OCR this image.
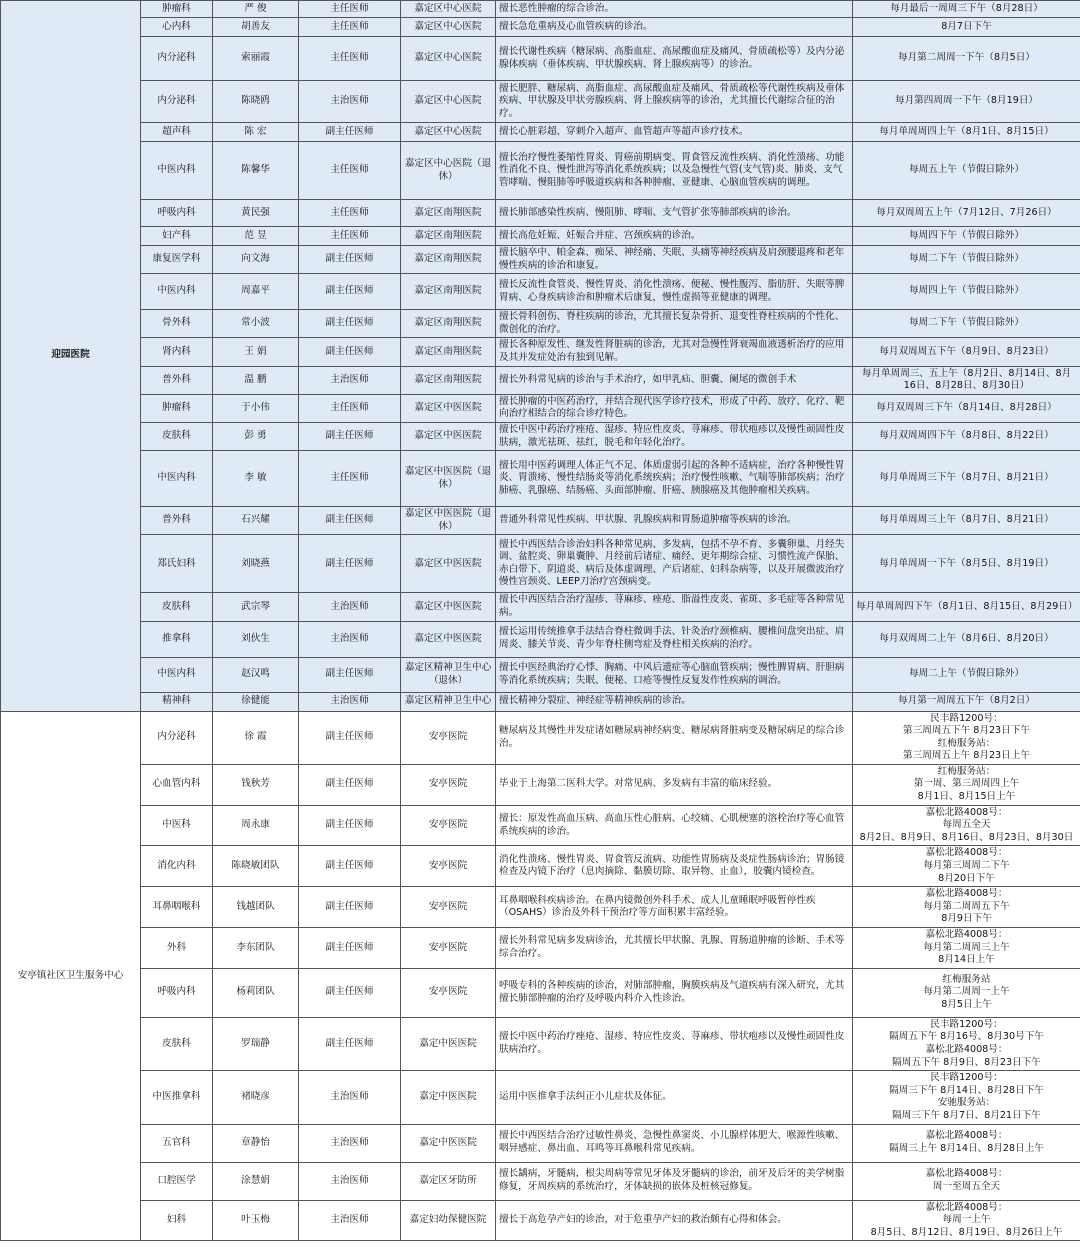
迎园医院	肿瘤科	严 俊	主任医师	嘉定区中心医院	擅长恶性肿瘤的综合诊治。	每月最后一周周三下午（8月28日）
	心内科	胡善友	主任医师	嘉定区中心医院	擅长急危重病及心血管疾病的诊治。	8月7日下午
	内分泌科	索丽霞	主任医师	嘉定区中心医院	擅长代谢性疾病（糖尿病、高脂血症、高尿酸血症及痛风、骨质疏松等）及内分泌腺体疾病（垂体疾病、甲状腺疾病、肾上腺疾病等）的诊治。	每月第二周周一下午（8月5日）
	内分泌科	陈晓鸥	主治医师	嘉定区中心医院	擅长肥胖、糖尿病、高脂血症、高尿酸血症及痛风、骨质疏松等代谢性疾病及垂体疾病、甲状腺及甲状旁腺疾病、肾上腺疾病等的诊治，尤其擅长代谢综合征的治疗。	每月第四周周一下午（8月19日）
	超声科	陈 宏	副主任医师	嘉定区中心医院	擅长心脏彩超、穿刺介入超声、血管超声等超声诊疗技术。	每月单周周四上午（8月1日、8月15日）
	中医内科	陈馨华	主任医师	嘉定区中心医院（退休）	擅长治疗慢性萎缩性胃炎、胃癌前期病变、胃食管反流性疾病、消化性溃疡、功能性消化不良、慢性泄泻等消化系统疾病；以及急慢性气管(支气管)炎、肺炎、支气管哮喘、慢阻肺等呼吸道疾病和各种肿瘤、亚健康、心脑血管疾病的调理。	每周五上午（节假日除外）
	呼吸内科	黄民强	主任医师	嘉定区南翔医院	擅长肺部感染性疾病、慢阻肺、哮喘、支气管扩张等肺部疾病的诊治。	每月双周周五上午（7月12日、7月26日）
	妇产科	范 昱	主任医师	嘉定区南翔医院	擅长高危妊娠、妊娠合并症、宫颈疾病的诊治。	每周四下午（节假日除外）
	康复医学科	向文海	副主任医师	嘉定区南翔医院	擅长脑卒中、帕金森、痴呆、神经痛、失眠、头痛等神经疾病及肩颈腰退疼和老年慢性疾病的诊治和康复。	每周二下午（节假日除外）
	中医内科	周嘉平	副主任医师	嘉定区南翔医院	擅长反流性食管炎、慢性胃炎、消化性溃疡、便秘、慢性腹泻、脂肪肝、失眠等脾胃病、心身疾病诊治和肿瘤术后康复，慢性虚损等亚健康的调理。	每周四上午（节假日除外）
	骨外科	常小波	副主任医师	嘉定区南翔医院	擅长骨科创伤、脊柱疾病的诊治，尤其擅长复杂骨折、退变性脊柱疾病的个性化、微创化的治疗。	每周二下午（节假日除外）
	肾内科	王 娟	副主任医师	嘉定区南翔医院	擅长各种原发性、继发性肾脏病的诊治，尤其对急慢性肾衰竭血液透析治疗的应用及其并发症处治有独到见解。	每月双周周五下午（8月9日、8月23日）
	普外科	温 鹏	主治医师	嘉定区南翔医院	擅长外科常见病的诊治与手术治疗，如甲乳疝、胆囊、阑尾的微创手术	每月单周周三、五上午（8月2日、8月14日、8月16日、8月28日、8月30日）
	肿瘤科	于小伟	主任医师	嘉定区中医医院	擅长肿瘤的中医药治疗，并结合现代医学诊疗技术，形成了中药、放疗、化疗、靶向治疗相结合的综合诊疗特色。	每月双周周三下午（8月14日、8月28日）
	皮肤科	彭 勇	副主任医师	嘉定区中医医院	擅长中医中药治疗痤疮、湿疹、特应性皮炎、荨麻疹、带状疱疹以及慢性顽固性皮肤病，激光祛斑、祛红，脱毛和年轻化治疗。	每月双周周四下午（8月8日、8月22日）
	中医内科	李 敏	主任医师	嘉定区中医医院（退休）	擅长用中医药调理人体正气不足、体质虚弱引起的各种不适病症，治疗各种慢性胃炎、胃溃疡、慢性结肠炎等消化系统疾病；治疗慢性咳嗽、气喘等肺部疾病；治疗肺癌、乳腺癌、结肠癌、头面部肿瘤、肝癌、胰腺癌及其他肿瘤相关疾病。	每月单周周三下午（8月7日、8月21日）
	普外科	石兴耀	副主任医师	嘉定区中医医院（退休）	普通外科常见性疾病、甲状腺、乳腺疾病和胃肠道肿瘤等疾病的诊治。	每月单周周三上午（8月7日、8月21日）
	郑氏妇科	刘晓燕	副主任医师	嘉定区中医医院	擅长中西医结合诊治妇科各种常见病、多发病，包括不孕不育、多囊卵巢、月经失调、盆腔炎、卵巢囊肿、月经前后诸症、痛经、更年期综合症、习惯性流产保胎、赤白带下、阴道炎、病后及体虚调理、产后诸症、妇科杂病等，以及开展微波治疗慢性宫颈炎、LEEP刀治疗宫颈病变。	每月单周周一下午（8月5日、8月19日）
	皮肤科	武宗琴	主治医师	嘉定区中医医院	擅长中西医结合治疗湿疹、荨麻疹、痤疮、脂溢性皮炎、雀斑、多毛症等各种常见病。	每月单周周四下午（8月1日、8月15日、8月29日）
	推拿科	刘伙生	主治医师	嘉定区中医医院	擅长运用传统推拿手法结合脊柱微调手法、针灸治疗颈椎病、腰椎间盘突出症、肩周炎、膝关节炎、青少年脊柱侧弯症及脊柱相关疾病的治疗。	每月双周周二上午（8月6日、8月20日）
	中医内科	赵汉鸣	副主任医师	嘉定区精神卫生中心（退休）	擅长中医经典治疗心悸、胸痛、中风后遗症等心脑血管疾病；慢性脾胃病、肝胆病等消化系统疾病；失眠、便秘、口疮等慢性反复发作性疾病的调治。	每周二上午（节假日除外）
	精神科	徐健能	主治医师	嘉定区精神卫生中心	擅长精神分裂症、神经症等精神疾病的诊治。	每月第一周周五下午（8月2日）
安亭镇社区卫生服务中心	内分泌科	徐 霞	副主任医师	安亭医院	糖尿病及其慢性并发症诸如糖尿病神经病变、糖尿病肾脏病变及糖尿病足的综合诊治。	民丰路1200号：
第三周周五下午 8月23日下午
红梅服务站：
第三周周五上午 8月23日上午
	心血管内科	钱秋芳	副主任医师	安亭医院	毕业于上海第二医科大学。对常见病、多发病有丰富的临床经验。	红梅服务站：
第一周、第三周周四上午
8月1日、8月15日上午
	中医科	周永康	副主任医师	安亭医院	擅长：原发性高血压病、高血压性心脏病、心绞痛、心肌梗塞的溶栓治疗等心血管系统疾病的诊治。	嘉松北路4008号：
每周五全天
8月2日、8月9日、8月16日、8月23日、8月30日
	消化内科	陈晓敏团队	副主任医师	安亭医院	消化性溃疡、慢性胃炎、胃食管反流病、功能性胃肠病及炎症性肠病诊治；胃肠镜检查及内镜下治疗（息肉摘除、黏膜切除、取异物、止血），胶囊内镜检查。	嘉松北路4008号：
每月第三周周二下午
8月20日下午
	耳鼻咽喉科	钱越团队	副主任医师	安亭医院	耳鼻咽喉科疾病诊治。在鼻内镜微创外科手术、成人儿童睡眠呼吸暂停性疾（OSAHS）诊治及外科干预治疗等方面积累丰富经验。	嘉松北路4008号：
每月第二周周五下午
8月9日下午
	外科	李东团队	副主任医师	安亭医院	擅长外科常见病多发病诊治，尤其擅长甲状腺、乳腺、胃肠道肿瘤的诊断、手术等综合治疗。	嘉松北路4008号：
每月第二周周三上午
8月14日上午
	呼吸内科	杨莉团队	副主任医师	安亭医院	呼吸专科的各种疾病的诊治，对肺部肿瘤，胸膜疾病及气道疾病有深入研究，尤其擅长肺部肿瘤的治疗及呼吸内科介入性诊治。	红梅服务站
每月第二周周一上午
8月5日上午
	皮肤科	罗瑞静	副主任医师	嘉定中医医院	擅长中医中药治疗痤疮、湿疹、特应性皮炎、荨麻疹、带状疱疹以及慢性顽固性皮肤病治疗。	民丰路1200号：
隔周五下午 8月16号、8月30号下午
嘉松北路4008号：
隔周五下午 8月9日、8月23日下午
	中医推拿科	褚晓彦	主治医师	嘉定中医医院	运用中医推拿手法纠正小儿症状及体征。	民丰路1200号：
隔周三下午 8月14日、8月28日下午
安驰服务站：
隔周三下午 8月7日、8月21日下午
	五官科	章静怡	主治医师	嘉定中医医院	擅长中西医结合治疗过敏性鼻炎、急慢性鼻窦炎、小儿腺样体肥大、喉源性咳嗽、咽异感症、鼻出血、耳鸣等耳鼻喉科常见疾病。	嘉松北路4008号：
隔周三上午 8月14日、8月28日上午
	口腔医学	涂慧娟	主治医师	嘉定区牙防所	擅长龋病，牙髓病，根尖周病等常见牙体及牙髓病的诊治，前牙及后牙的美学树脂修复，牙周疾病的系统治疗，牙体缺损的嵌体及桩核冠修复。	嘉松北路4008号：
周一至周五全天
	妇科	叶玉梅	主治医师	嘉定妇幼保健医院	擅长于高危孕产妇的诊治，对于危重孕产妇的救治颇有心得和体会。	嘉松北路4008号：
每周一上午
8月5日、8月12日、8月19日、8月26日上午
